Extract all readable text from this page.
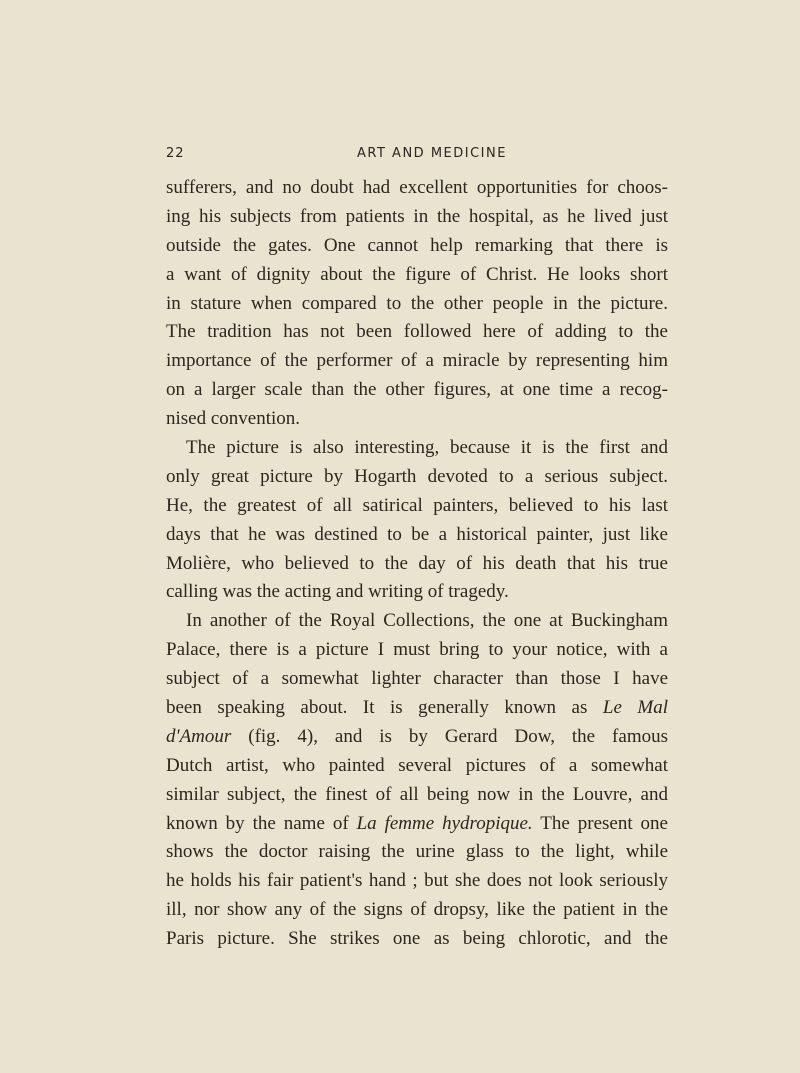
22	ART AND MEDICINE
sufferers, and no doubt had excellent opportunities for choos-
ing his subjects from patients in the hospital, as he lived just
outside the gates. One cannot help remarking that there is
a want of dignity about the figure of Christ. He looks short
in stature when compared to the other people in the picture.
The tradition has not been followed here of adding to the
importance of the performer of a miracle by representing him
on a larger scale than the other figures, at one time a recog-
nised convention.
The picture is also interesting, because it is the first and
only great picture by Hogarth devoted to a serious subject.
He, the greatest of all satirical painters, believed to his last
days that he was destined to be a historical painter, just like
Molière, who believed to the day of his death that his true
calling was the acting and writing of tragedy.
In another of the Royal Collections, the one at Buckingham
Palace, there is a picture I must bring to your notice, with a
subject of a somewhat lighter character than those I have
been speaking about. It is generally known as Le Mal
d'Amour (fig. 4), and is by Gerard Dow, the famous
Dutch artist, who painted several pictures of a somewhat
similar subject, the finest of all being now in the Louvre, and
known by the name of La femme hydropique. The present one
shows the doctor raising the urine glass to the light, while
he holds his fair patient's hand ; but she does not look seriously
ill, nor show any of the signs of dropsy, like the patient in the
Paris picture. She strikes one as being chlorotic, and the
